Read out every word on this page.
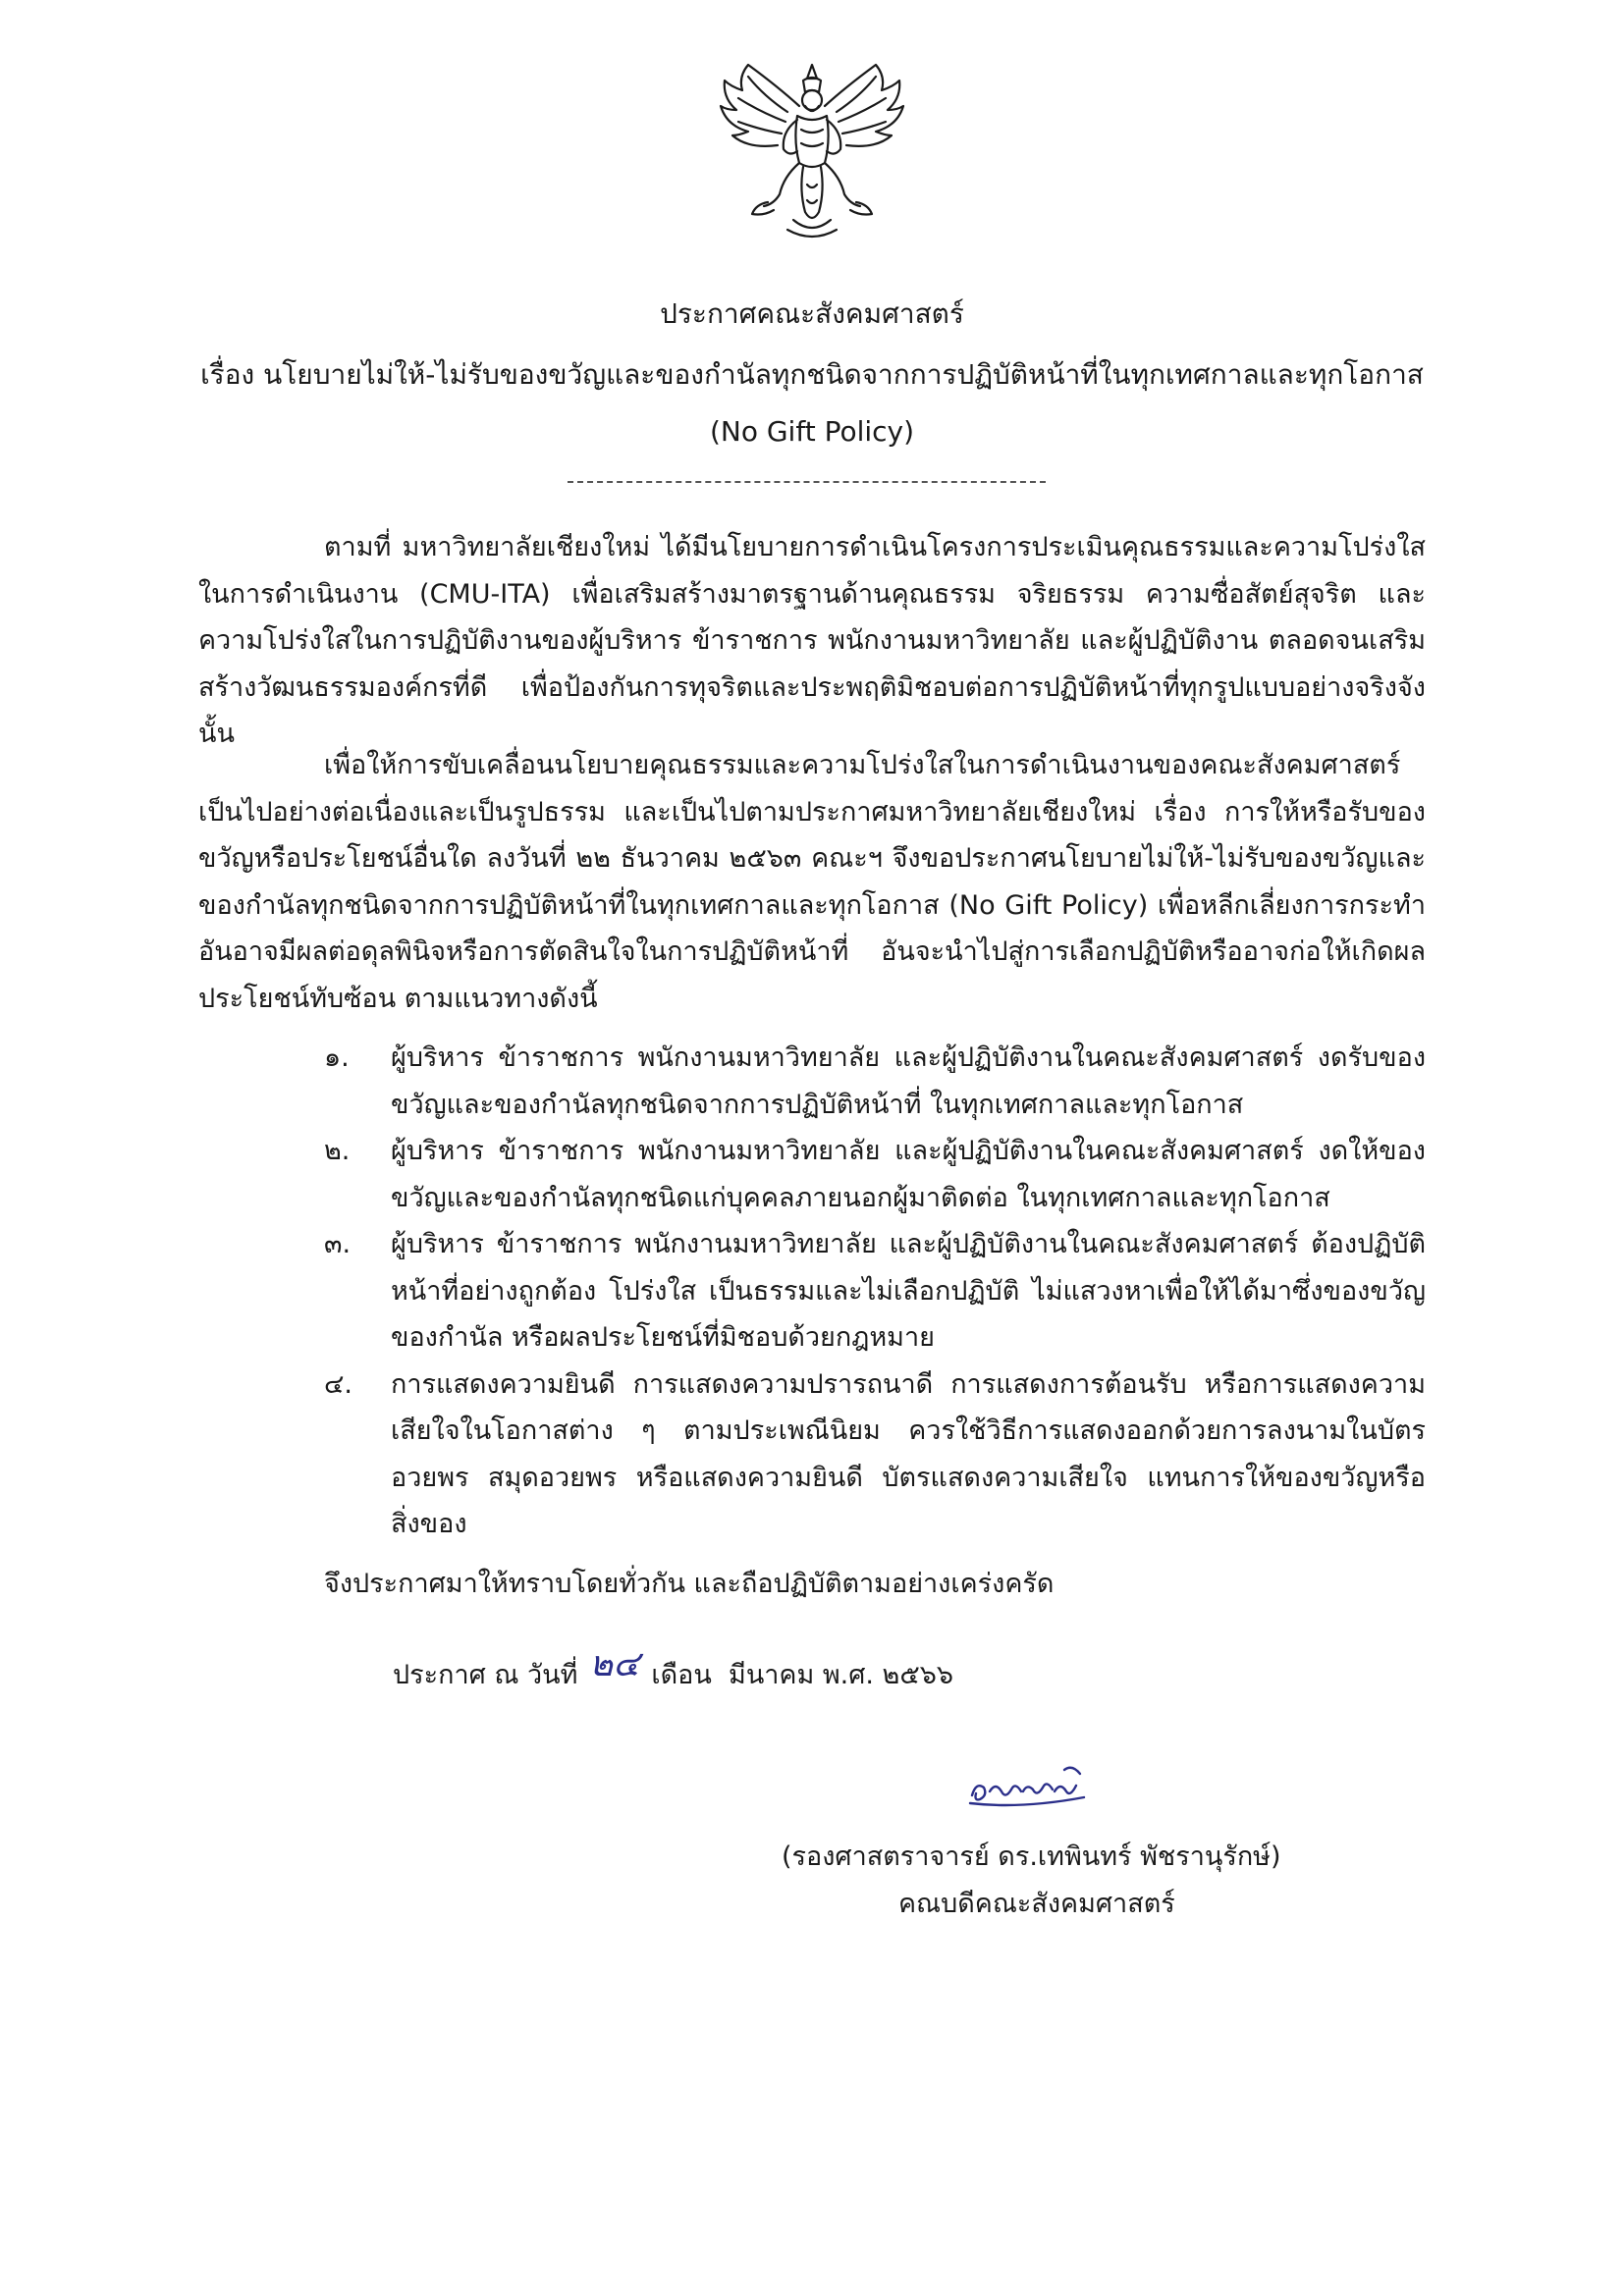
ประกาศคณะสังคมศาสตร์
เรื่อง นโยบายไม่ให้-ไม่รับของขวัญและของกำนัลทุกชนิดจากการปฏิบัติหน้าที่ในทุกเทศกาลและทุกโอกาส
(No Gift Policy)
ตามที่ มหาวิทยาลัยเชียงใหม่ ได้มีนโยบายการดำเนินโครงการประเมินคุณธรรมและความโปร่งใสในการดำเนินงาน (CMU-ITA) เพื่อเสริมสร้างมาตรฐานด้านคุณธรรม จริยธรรม ความซื่อสัตย์สุจริต และความโปร่งใสในการปฏิบัติงานของผู้บริหาร ข้าราชการ พนักงานมหาวิทยาลัย และผู้ปฏิบัติงาน ตลอดจนเสริมสร้างวัฒนธรรมองค์กรที่ดี เพื่อป้องกันการทุจริตและประพฤติมิชอบต่อการปฏิบัติหน้าที่ทุกรูปแบบอย่างจริงจัง นั้น
เพื่อให้การขับเคลื่อนนโยบายคุณธรรมและความโปร่งใสในการดำเนินงานของคณะสังคมศาสตร์เป็นไปอย่างต่อเนื่องและเป็นรูปธรรม และเป็นไปตามประกาศมหาวิทยาลัยเชียงใหม่ เรื่อง การให้หรือรับของขวัญหรือประโยชน์อื่นใด ลงวันที่ ๒๒ ธันวาคม ๒๕๖๓ คณะฯ จึงขอประกาศนโยบายไม่ให้-ไม่รับของขวัญและของกำนัลทุกชนิดจากการปฏิบัติหน้าที่ในทุกเทศกาลและทุกโอกาส (No Gift Policy) เพื่อหลีกเลี่ยงการกระทำอันอาจมีผลต่อดุลพินิจหรือการตัดสินใจในการปฏิบัติหน้าที่ อันจะนำไปสู่การเลือกปฏิบัติหรืออาจก่อให้เกิดผลประโยชน์ทับซ้อน ตามแนวทางดังนี้
๑. ผู้บริหาร ข้าราชการ พนักงานมหาวิทยาลัย และผู้ปฏิบัติงานในคณะสังคมศาสตร์ งดรับของขวัญและของกำนัลทุกชนิดจากการปฏิบัติหน้าที่ ในทุกเทศกาลและทุกโอกาส
๒. ผู้บริหาร ข้าราชการ พนักงานมหาวิทยาลัย และผู้ปฏิบัติงานในคณะสังคมศาสตร์ งดให้ของขวัญและของกำนัลทุกชนิดแก่บุคคลภายนอกผู้มาติดต่อ ในทุกเทศกาลและทุกโอกาส
๓. ผู้บริหาร ข้าราชการ พนักงานมหาวิทยาลัย และผู้ปฏิบัติงานในคณะสังคมศาสตร์ ต้องปฏิบัติหน้าที่อย่างถูกต้อง โปร่งใส เป็นธรรมและไม่เลือกปฏิบัติ ไม่แสวงหาเพื่อให้ได้มาซึ่งของขวัญของกำนัล หรือผลประโยชน์ที่มิชอบด้วยกฎหมาย
๔. การแสดงความยินดี การแสดงความปรารถนาดี การแสดงการต้อนรับ หรือการแสดงความเสียใจในโอกาสต่าง ๆ ตามประเพณีนิยม ควรใช้วิธีการแสดงออกด้วยการลงนามในบัตรอวยพร สมุดอวยพร หรือแสดงความยินดี บัตรแสดงความเสียใจ แทนการให้ของขวัญหรือสิ่งของ
จึงประกาศมาให้ทราบโดยทั่วกัน และถือปฏิบัติตามอย่างเคร่งครัด
ประกาศ ณ วันที่ ๒๔ เดือน มีนาคม พ.ศ. ๒๕๖๖
(รองศาสตราจารย์ ดร.เทพินทร์ พัชรานุรักษ์)
คณบดีคณะสังคมศาสตร์
